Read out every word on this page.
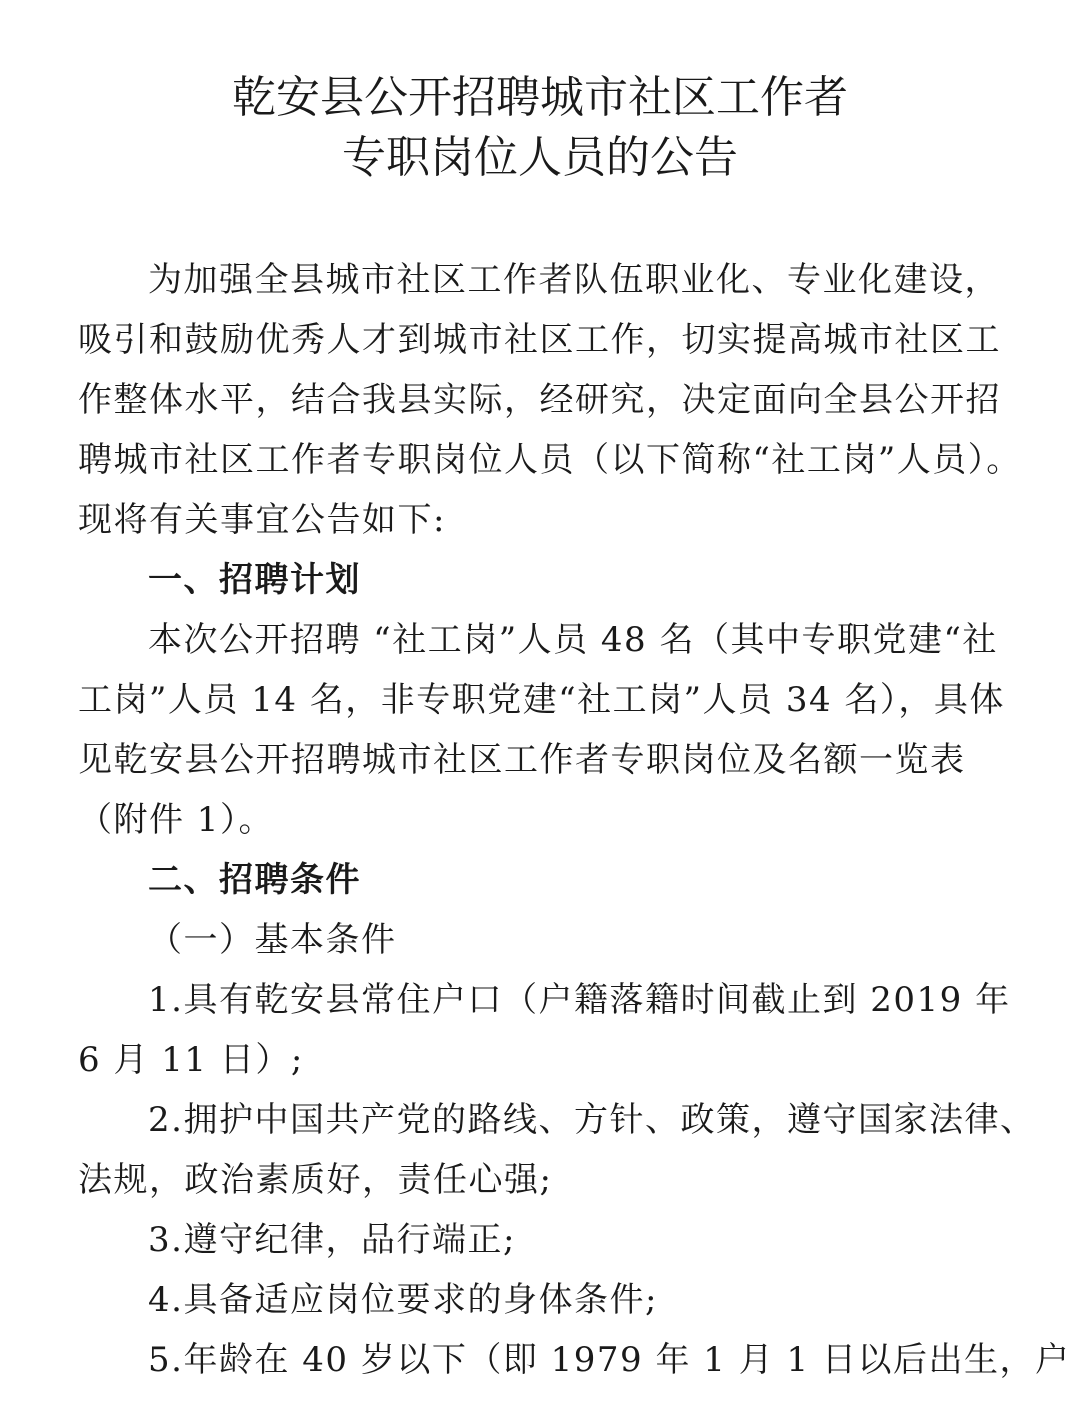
乾安县公开招聘城市社区工作者
专职岗位人员的公告
为加强全县城市社区工作者队伍职业化、专业化建设，
吸引和鼓励优秀人才到城市社区工作，切实提高城市社区工
作整体水平，结合我县实际，经研究，决定面向全县公开招
聘城市社区工作者专职岗位人员（以下简称“社工岗”人员）。
现将有关事宜公告如下:
一、招聘计划
本次公开招聘 “社工岗”人员 48 名（其中专职党建“社
工岗”人员 14 名，非专职党建“社工岗”人员 34 名），具体
见乾安县公开招聘城市社区工作者专职岗位及名额一览表
（附件 1）。
二、招聘条件
（一）基本条件
1.具有乾安县常住户口（户籍落籍时间截止到 2019 年
6 月 11 日）;
2.拥护中国共产党的路线、方针、政策，遵守国家法律、
法规，政治素质好，责任心强;
3.遵守纪律，品行端正;
4.具备适应岗位要求的身体条件;
5.年龄在 40 岁以下（即 1979 年 1 月 1 日以后出生，户
